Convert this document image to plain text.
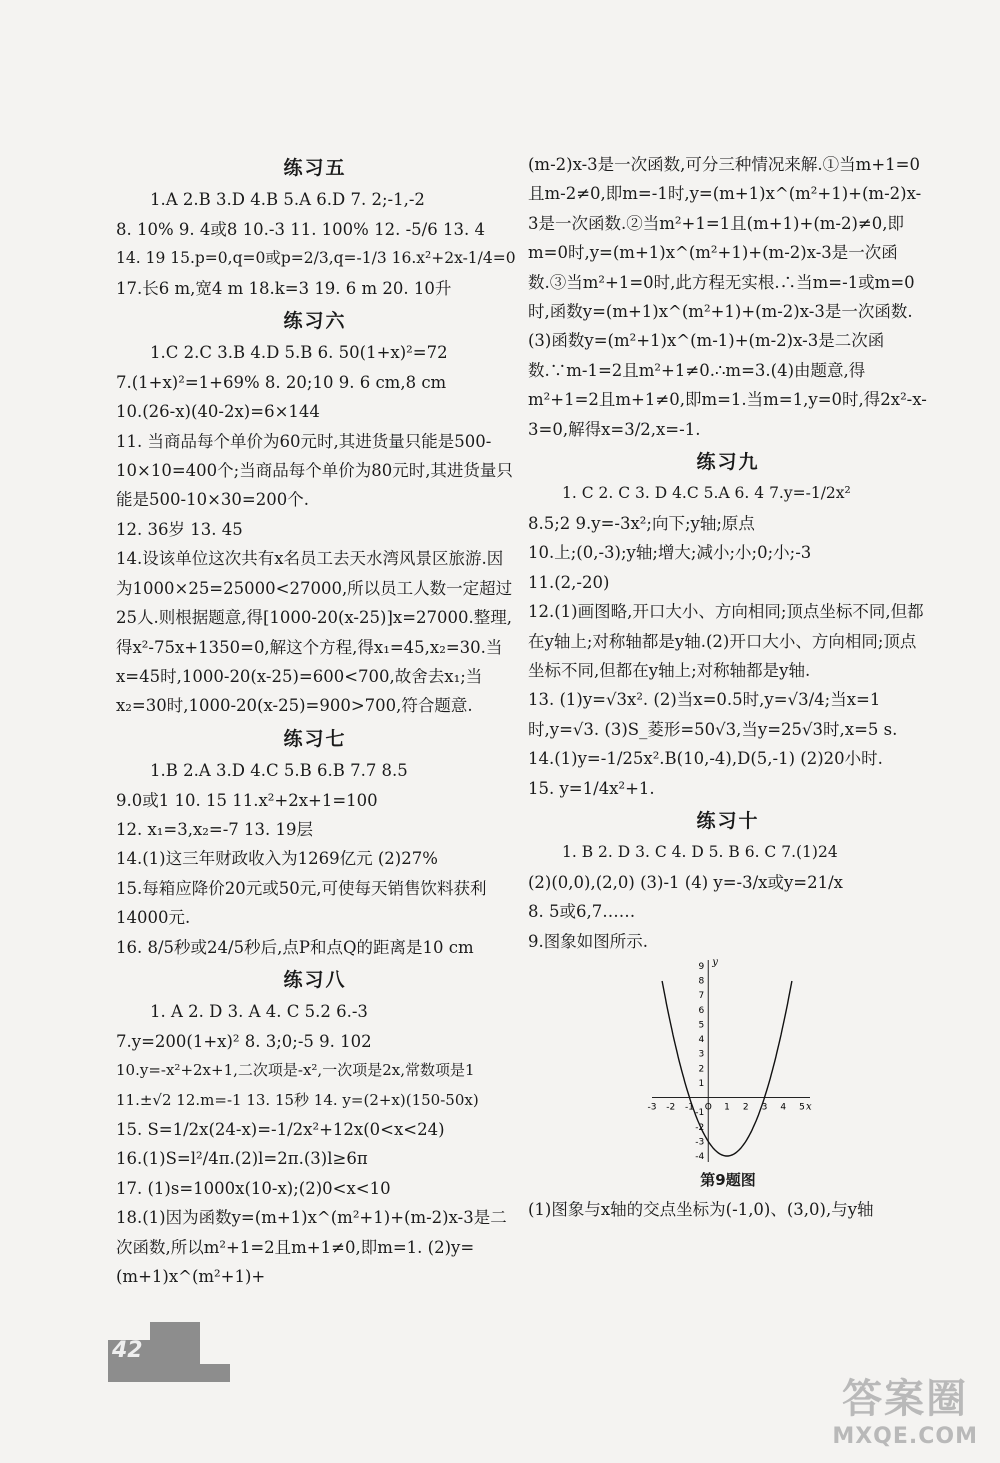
练习五
1.A 2.B 3.D 4.B 5.A 6.D 7. 2;-1,-2
8. 10% 9. 4或8 10.-3 11. 100% 12. -5/6 13. 4
14. 19 15.p=0,q=0或p=2/3,q=-1/3 16.x²+2x-1/4=0
17.长6 m,宽4 m 18.k=3 19. 6 m 20. 10升
练习六
1.C 2.C 3.B 4.D 5.B 6. 50(1+x)²=72
7.(1+x)²=1+69% 8. 20;10 9. 6 cm,8 cm
10.(26-x)(40-2x)=6×144
11. 当商品每个单价为60元时,其进货量只能是500-10×10=400个;当商品每个单价为80元时,其进货量只能是500-10×30=200个.
12. 36岁 13. 45
14.设该单位这次共有x名员工去天水湾风景区旅游.因为1000×25=25000<27000,所以员工人数一定超过25人.则根据题意,得[1000-20(x-25)]x=27000.整理,得x²-75x+1350=0,解这个方程,得x₁=45,x₂=30.当x=45时,1000-20(x-25)=600<700,故舍去x₁;当x₂=30时,1000-20(x-25)=900>700,符合题意.
练习七
1.B 2.A 3.D 4.C 5.B 6.B 7.7 8.5
9.0或1 10. 15 11.x²+2x+1=100
12. x₁=3,x₂=-7 13. 19层
14.(1)这三年财政收入为1269亿元 (2)27%
15.每箱应降价20元或50元,可使每天销售饮料获利14000元.
16. 8/5秒或24/5秒后,点P和点Q的距离是10 cm
练习八
1. A 2. D 3. A 4. C 5.2 6.-3
7.y=200(1+x)² 8. 3;0;-5 9. 102
10.y=-x²+2x+1,二次项是-x²,一次项是2x,常数项是1
11.±√2 12.m=-1 13. 15秒 14. y=(2+x)(150-50x)
15. S=1/2x(24-x)=-1/2x²+12x(0<x<24)
16.(1)S=l²/4π.(2)l=2π.(3)l≥6π
17. (1)s=1000x(10-x);(2)0<x<10
18.(1)因为函数y=(m+1)x^(m²+1)+(m-2)x-3是二次函数,所以m²+1=2且m+1≠0,即m=1. (2)y=(m+1)x^(m²+1)+
(m-2)x-3是一次函数,可分三种情况来解.①当m+1=0且m-2≠0,即m=-1时,y=(m+1)x^(m²+1)+(m-2)x-3是一次函数.②当m²+1=1且(m+1)+(m-2)≠0,即m=0时,y=(m+1)x^(m²+1)+(m-2)x-3是一次函数.③当m²+1=0时,此方程无实根.∴当m=-1或m=0时,函数y=(m+1)x^(m²+1)+(m-2)x-3是一次函数. (3)函数y=(m²+1)x^(m-1)+(m-2)x-3是二次函数.∵m-1=2且m²+1≠0.∴m=3.(4)由题意,得m²+1=2且m+1≠0,即m=1.当m=1,y=0时,得2x²-x-3=0,解得x=3/2,x=-1.
练习九
1. C 2. C 3. D 4.C 5.A 6. 4 7.y=-1/2x²
8.5;2 9.y=-3x²;向下;y轴;原点
10.上;(0,-3);y轴;增大;减小;小;0;小;-3
11.(2,-20)
12.(1)画图略,开口大小、方向相同;顶点坐标不同,但都在y轴上;对称轴都是y轴.(2)开口大小、方向相同;顶点坐标不同,但都在y轴上;对称轴都是y轴.
13. (1)y=√3x². (2)当x=0.5时,y=√3/4;当x=1时,y=√3. (3)S_菱形=50√3,当y=25√3时,x=5 s.
14.(1)y=-1/25x².B(10,-4),D(5,-1) (2)20小时.
15. y=1/4x²+1.
练习十
1. B 2. D 3. C 4. D 5. B 6. C 7.(1)24
(2)(0,0),(2,0) (3)-1 (4) y=-3/x或y=21/x
8. 5或6,7……
9.图象如图所示.
-3 -2 -1 O 1 2 3 4 5
9
8
7
6
5
4
3
2
1
-1
-2
-3
-4
x
y
第9题图
(1)图象与x轴的交点坐标为(-1,0)、(3,0),与y轴
42
答案圈
MXQE.COM
